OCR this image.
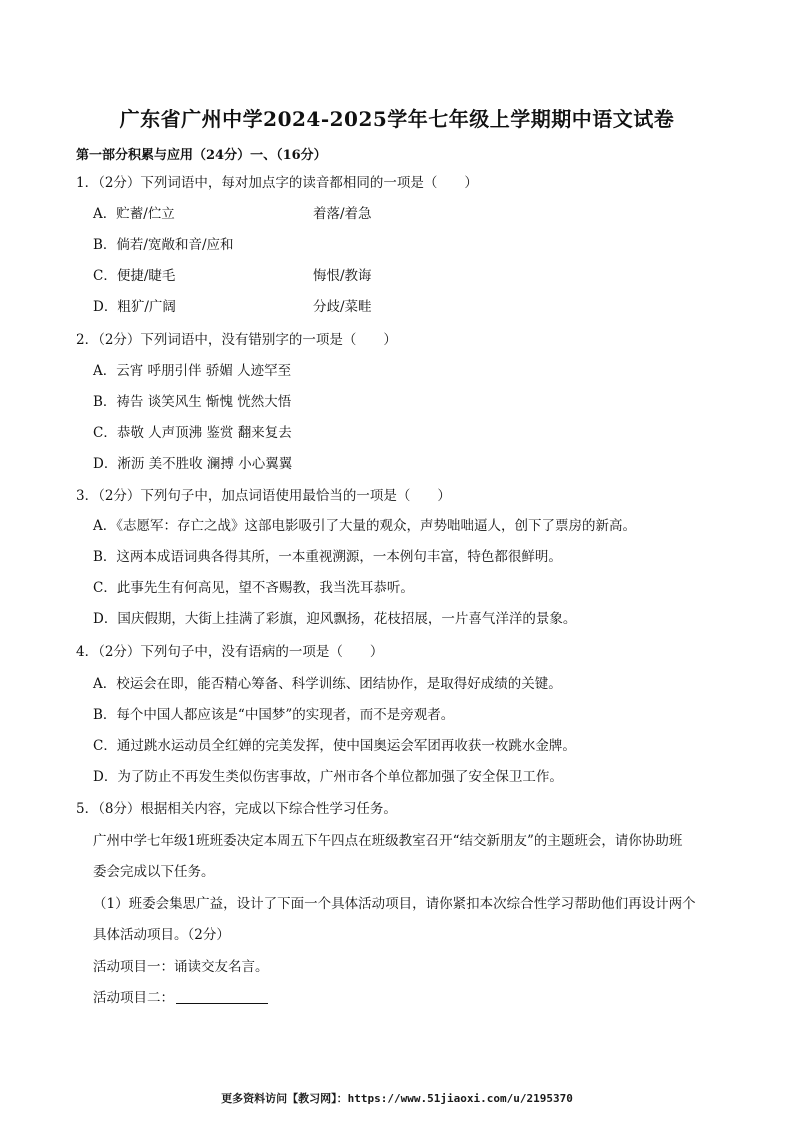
广东省广州中学2024-2025学年七年级上学期期中语文试卷
第一部分积累与应用（24分）一、（16分）
1．（2分）下列词语中，每对加点字的读音都相同的一项是（　　）
A．贮蓄/伫立	着落/着急
B．倘若/宽敞和音/应和
C．便捷/睫毛	悔恨/教诲
D．粗犷/广阔	分歧/菜畦
2．（2分）下列词语中，没有错别字的一项是（　　）
A．云宵 呼朋引伴 骄媚 人迹罕至
B．祷告 谈笑风生 惭愧 恍然大悟
C．恭敬 人声顶沸 鉴赏 翻来复去
D．淅沥 美不胜收 澜搏 小心翼翼
3．（2分）下列句子中，加点词语使用最恰当的一项是（　　）
A．《志愿军：存亡之战》这部电影吸引了大量的观众，声势咄咄逼人，创下了票房的新高。
B．这两本成语词典各得其所，一本重视溯源，一本例句丰富，特色都很鲜明。
C．此事先生有何高见，望不吝赐教，我当洗耳恭听。
D．国庆假期，大街上挂满了彩旗，迎风飘扬，花枝招展，一片喜气洋洋的景象。
4．（2分）下列句子中，没有语病的一项是（　　）
A．校运会在即，能否精心筹备、科学训练、团结协作，是取得好成绩的关键。
B．每个中国人都应该是“中国梦”的实现者，而不是旁观者。
C．通过跳水运动员全红婵的完美发挥，使中国奥运会军团再收获一枚跳水金牌。
D．为了防止不再发生类似伤害事故，广州市各个单位都加强了安全保卫工作。
5．（8分）根据相关内容，完成以下综合性学习任务。
广州中学七年级1班班委决定本周五下午四点在班级教室召开“结交新朋友”的主题班会，请你协助班
委会完成以下任务。
（1）班委会集思广益，设计了下面一个具体活动项目，请你紧扣本次综合性学习帮助他们再设计两个
具体活动项目。（2分）
活动项目一：诵读交友名言。
活动项目二：
更多资料访问【教习网】：https://www.51jiaoxi.com/u/2195370
